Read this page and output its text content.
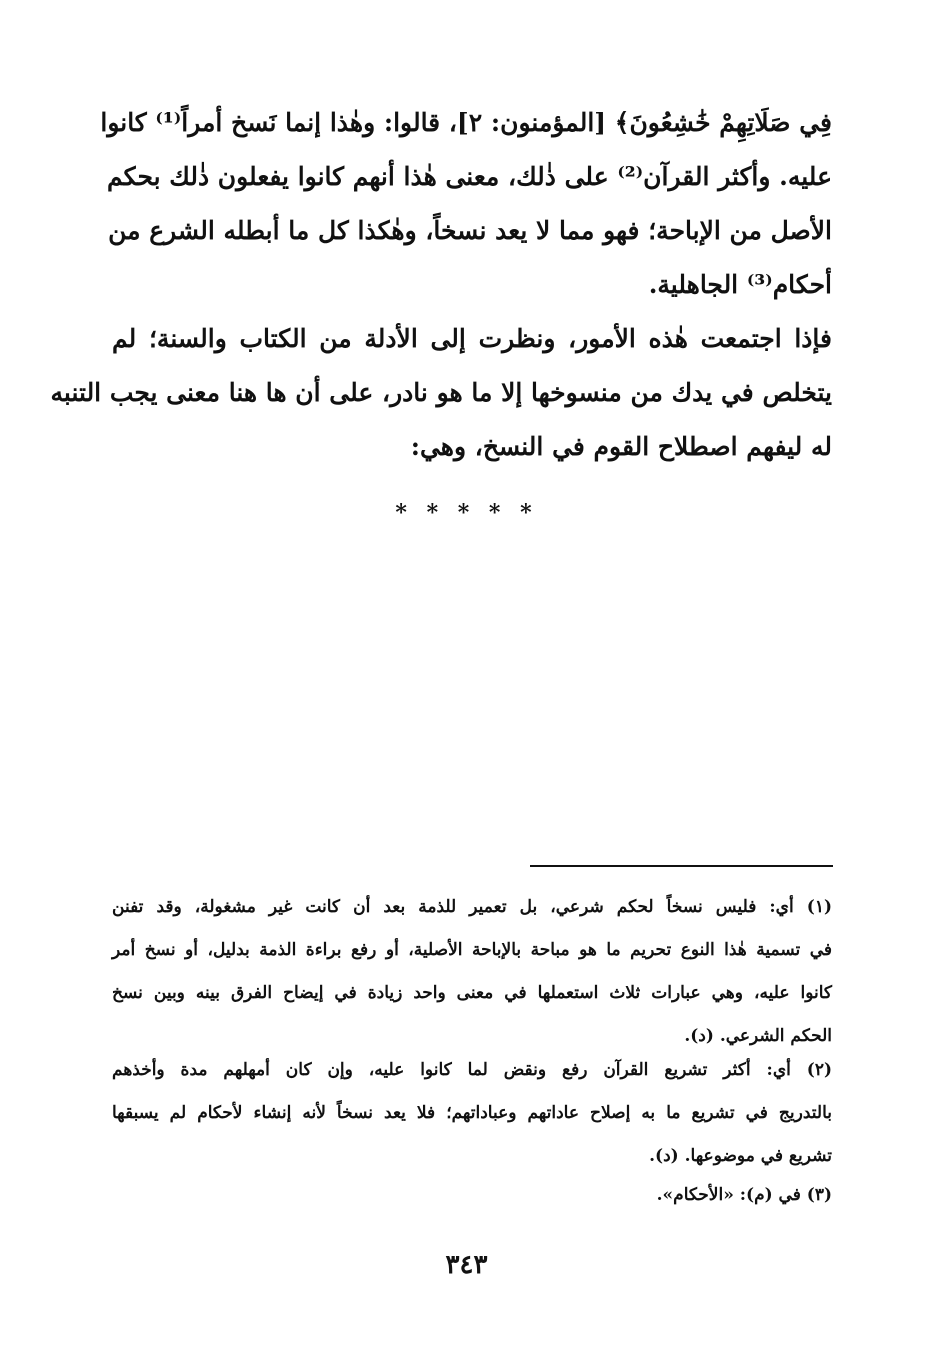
فِي صَلَاتِهِمْ خَٰشِعُونَ﴾ [المؤمنون: ٢]، قالوا: وهٰذا إنما نَسخ أمراً⁽¹⁾ كانوا
عليه. وأكثر القرآن⁽²⁾ على ذٰلك، معنى هٰذا أنهم كانوا يفعلون ذٰلك بحكم
الأصل من الإباحة؛ فهو مما لا يعد نسخاً، وهٰكذا كل ما أبطله الشرع من
أحكام⁽³⁾ الجاهلية.
فإذا اجتمعت هٰذه الأمور، ونظرت إلى الأدلة من الكتاب والسنة؛ لم
يتخلص في يدك من منسوخها إلا ما هو نادر، على أن ها هنا معنى يجب التنبه
له ليفهم اصطلاح القوم في النسخ، وهي:
* * * * *
(١) أي: فليس نسخاً لحكم شرعي، بل تعمير للذمة بعد أن كانت غير مشغولة، وقد تفنن
في تسمية هٰذا النوع تحريم ما هو مباحة بالإباحة الأصلية، أو رفع براءة الذمة بدليل، أو نسخ أمر
كانوا عليه، وهي عبارات ثلاث استعملها في معنى واحد زيادة في إيضاح الفرق بينه وبين نسخ
الحكم الشرعي. (د).
(٢) أي: أكثر تشريع القرآن رفع ونقض لما كانوا عليه، وإن كان أمهلهم مدة وأخذهم
بالتدريج في تشريع ما به إصلاح عاداتهم وعباداتهم؛ فلا يعد نسخاً لأنه إنشاء لأحكام لم يسبقها
تشريع في موضوعها. (د).
(٣) في (م): «الأحكام».
٣٤٣
